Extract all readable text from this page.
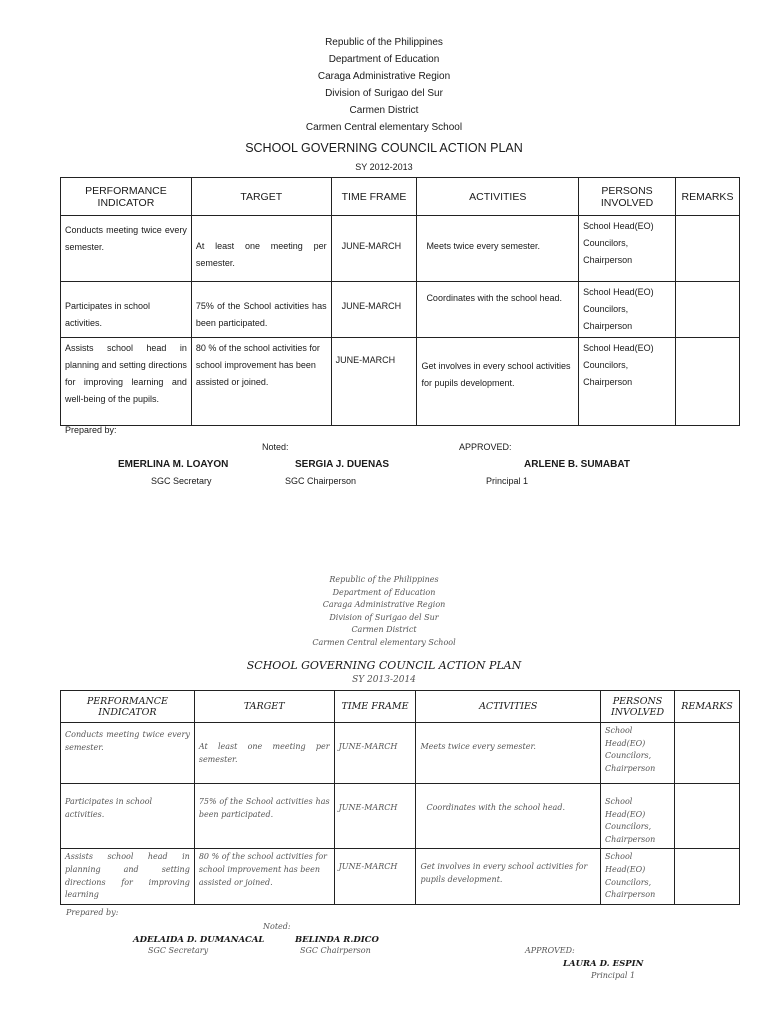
Republic of the Philippines
Department of Education
Caraga Administrative Region
Division of Surigao del Sur
Carmen District
Carmen Central elementary School
SCHOOL GOVERNING COUNCIL ACTION PLAN
SY 2012-2013
PERFORMANCE INDICATOR	TARGET	TIME FRAME	ACTIVITIES	PERSONS INVOLVED	REMARKS
Conducts meeting twice every semester.	At least one meeting per semester.	JUNE-MARCH	Meets twice every semester.	School Head(EO)
Councilors,
Chairperson	

Participates in school activities.	75% of the School activities has been participated.	JUNE-MARCH	Coordinates with the school head.	School Head(EO)
Councilors,
Chairperson	

Assists school head in planning and setting directions for improving learning and well-being of the pupils.	80 % of the school activities for school improvement has been assisted or joined.	JUNE-MARCH	Get involves in every school activities for pupils development.	School Head(EO)
Councilors,
Chairperson	

Prepared by:
Noted:	APPROVED:
EMERLINA M. LOAYON
SGC Secretary
SERGIA J. DUENAS
SGC Chairperson
ARLENE B. SUMABAT
Principal 1
Republic of the Philippines
Department of Education
Caraga Administrative Region
Division of Surigao del Sur
Carmen District
Carmen Central elementary School
SCHOOL GOVERNING COUNCIL ACTION PLAN
SY 2013-2014
PERFORMANCE INDICATOR	TARGET	TIME FRAME	ACTIVITIES	PERSONS INVOLVED	REMARKS
Conducts meeting twice every semester.	At least one meeting per semester.	JUNE-MARCH	Meets twice every semester.	School
Head(EO)
Councilors,
Chairperson	

Participates in school activities.	75% of the School activities has been participated.	JUNE-MARCH	Coordinates with the school head.	School
Head(EO)
Councilors,
Chairperson	

Assists school head in planning and setting directions for improving learning	80 % of the school activities for school improvement has been assisted or joined.	JUNE-MARCH	Get involves in every school activities for pupils development.	School
Head(EO)
Councilors,
Chairperson	

Prepared by:
Noted:
ADELAIDA D. DUMANACAL
SGC Secretary
BELINDA R.DICO
SGC Chairperson	APPROVED:
LAURA D. ESPIN
Principal 1
